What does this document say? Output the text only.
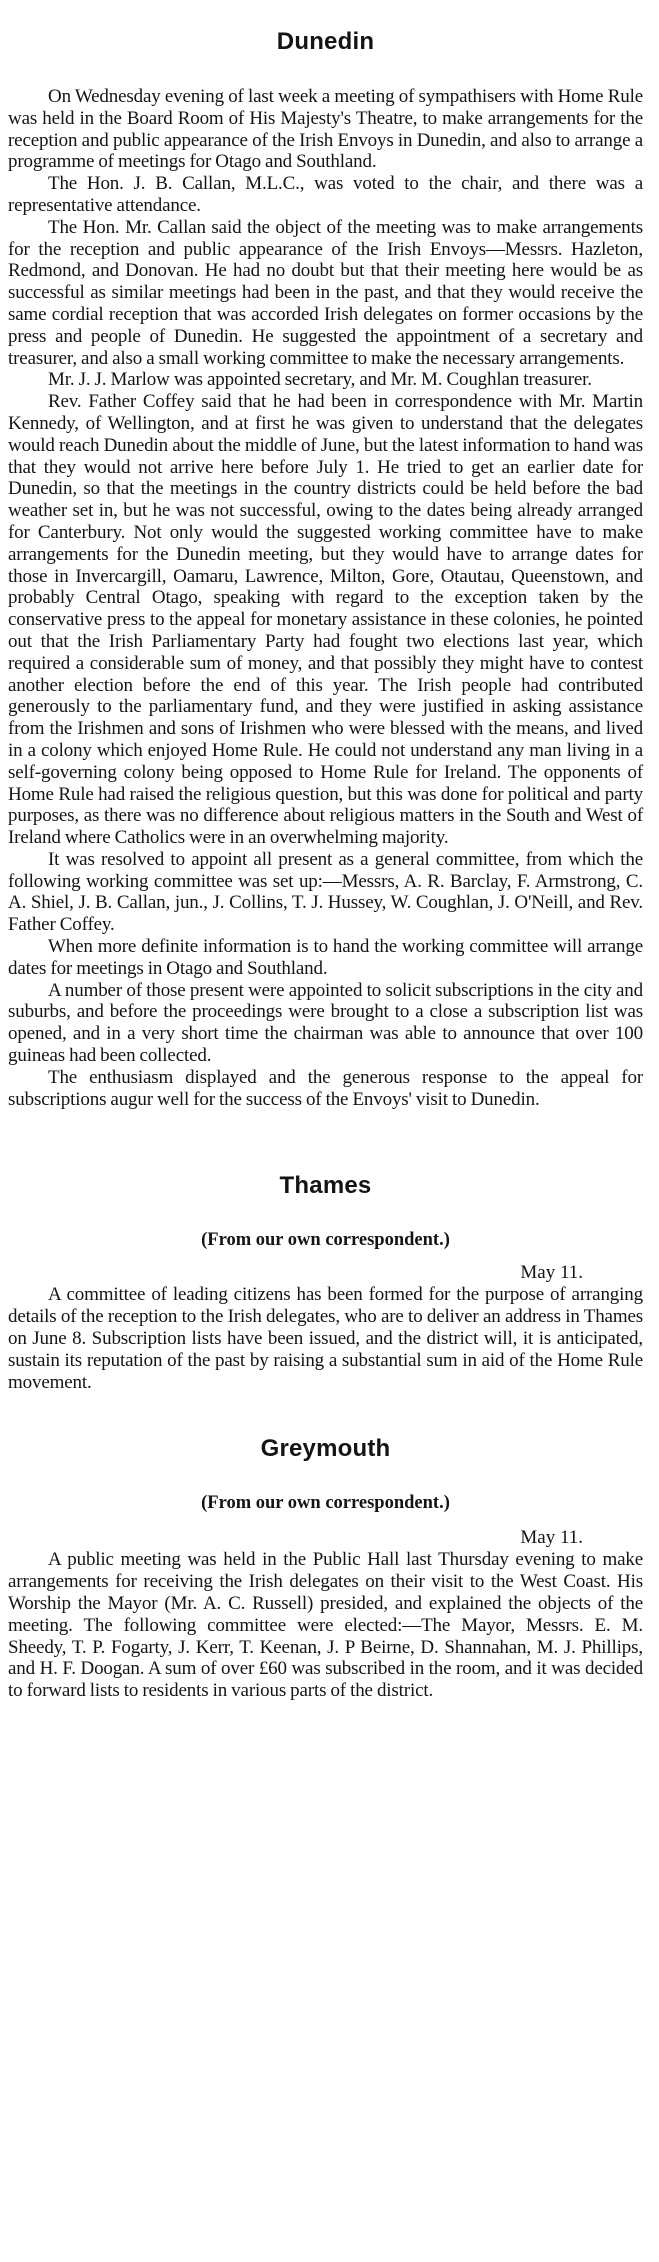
Dunedin

On Wednesday evening of last week a meeting of sympathisers with Home Rule was held in the Board Room of His Majesty's Theatre, to make arrangements for the reception and public appearance of the Irish Envoys in Dunedin, and also to arrange a programme of meetings for Otago and Southland.

The Hon. J. B. Callan, M.L.C., was voted to the chair, and there was a representative attendance.

The Hon. Mr. Callan said the object of the meeting was to make arrangements for the reception and public appearance of the Irish Envoys—Messrs. Hazleton, Redmond, and Donovan. He had no doubt but that their meeting here would be as successful as similar meetings had been in the past, and that they would receive the same cordial reception that was accorded Irish delegates on former occasions by the press and people of Dunedin. He suggested the appointment of a secretary and treasurer, and also a small working committee to make the necessary arrangements.

Mr. J. J. Marlow was appointed secretary, and Mr. M. Coughlan treasurer.

Rev. Father Coffey said that he had been in correspondence with Mr. Martin Kennedy, of Wellington, and at first he was given to understand that the delegates would reach Dunedin about the middle of June, but the latest information to hand was that they would not arrive here before July 1. He tried to get an earlier date for Dunedin, so that the meetings in the country districts could be held before the bad weather set in, but he was not successful, owing to the dates being already arranged for Canterbury. Not only would the suggested working committee have to make arrangements for the Dunedin meeting, but they would have to arrange dates for those in Invercargill, Oamaru, Lawrence, Milton, Gore, Otautau, Queenstown, and probably Central Otago, speaking with regard to the exception taken by the conservative press to the appeal for monetary assistance in these colonies, he pointed out that the Irish Parliamentary Party had fought two elections last year, which required a considerable sum of money, and that possibly they might have to contest another election before the end of this year. The Irish people had contributed generously to the parliamentary fund, and they were justified in asking assistance from the Irishmen and sons of Irishmen who were blessed with the means, and lived in a colony which enjoyed Home Rule. He could not understand any man living in a self-governing colony being opposed to Home Rule for Ireland. The opponents of Home Rule had raised the religious question, but this was done for political and party purposes, as there was no difference about religious matters in the South and West of Ireland where Catholics were in an overwhelming majority.

It was resolved to appoint all present as a general committee, from which the following working committee was set up:—Messrs, A. R. Barclay, F. Armstrong, C. A. Shiel, J. B. Callan, jun., J. Collins, T. J. Hussey, W. Coughlan, J. O'Neill, and Rev. Father Coffey.

When more definite information is to hand the working committee will arrange dates for meetings in Otago and Southland.

A number of those present were appointed to solicit subscriptions in the city and suburbs, and before the proceedings were brought to a close a subscription list was opened, and in a very short time the chairman was able to announce that over 100 guineas had been collected.

The enthusiasm displayed and the generous response to the appeal for subscriptions augur well for the success of the Envoys' visit to Dunedin.

Thames
(From our own correspondent.)
May 11.

A committee of leading citizens has been formed for the purpose of arranging details of the reception to the Irish delegates, who are to deliver an address in Thames on June 8. Subscription lists have been issued, and the district will, it is anticipated, sustain its reputation of the past by raising a substantial sum in aid of the Home Rule movement.

Greymouth
(From our own correspondent.)
May 11.

A public meeting was held in the Public Hall last Thursday evening to make arrangements for receiving the Irish delegates on their visit to the West Coast. His Worship the Mayor (Mr. A. C. Russell) presided, and explained the objects of the meeting. The following committee were elected:—The Mayor, Messrs. E. M. Sheedy, T. P. Fogarty, J. Kerr, T. Keenan, J. P Beirne, D. Shannahan, M. J. Phillips, and H. F. Doogan. A sum of over £60 was subscribed in the room, and it was decided to forward lists to residents in various parts of the district.
